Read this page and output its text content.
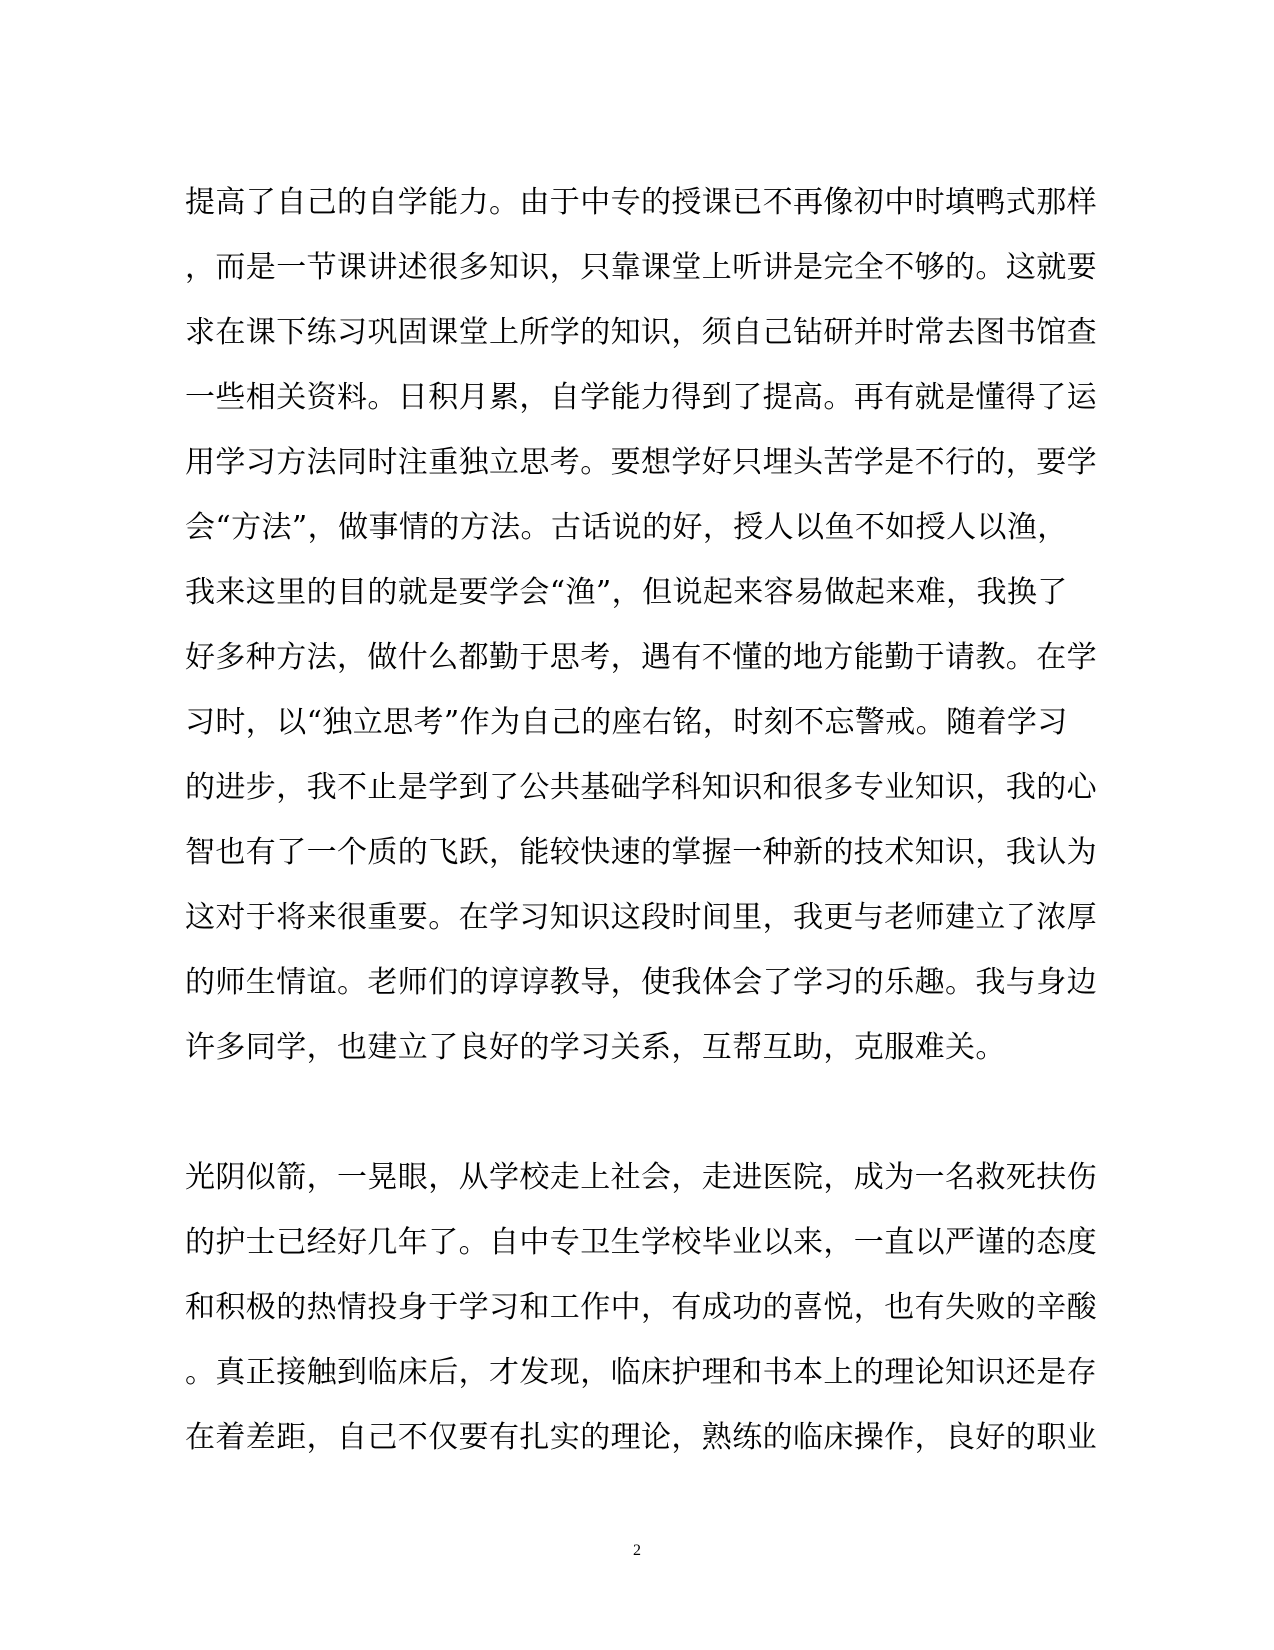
提高了自己的自学能力。由于中专的授课已不再像初中时填鸭式那样
，而是一节课讲述很多知识，只靠课堂上听讲是完全不够的。这就要
求在课下练习巩固课堂上所学的知识，须自己钻研并时常去图书馆查
一些相关资料。日积月累，自学能力得到了提高。再有就是懂得了运
用学习方法同时注重独立思考。要想学好只埋头苦学是不行的，要学
会“方法”，做事情的方法。古话说的好，授人以鱼不如授人以渔，
我来这里的目的就是要学会“渔”，但说起来容易做起来难，我换了
好多种方法，做什么都勤于思考，遇有不懂的地方能勤于请教。在学
习时，以“独立思考”作为自己的座右铭，时刻不忘警戒。随着学习
的进步，我不止是学到了公共基础学科知识和很多专业知识，我的心
智也有了一个质的飞跃，能较快速的掌握一种新的技术知识，我认为
这对于将来很重要。在学习知识这段时间里，我更与老师建立了浓厚
的师生情谊。老师们的谆谆教导，使我体会了学习的乐趣。我与身边
许多同学，也建立了良好的学习关系，互帮互助，克服难关。
光阴似箭，一晃眼，从学校走上社会，走进医院，成为一名救死扶伤
的护士已经好几年了。自中专卫生学校毕业以来，一直以严谨的态度
和积极的热情投身于学习和工作中，有成功的喜悦，也有失败的辛酸
。真正接触到临床后，才发现，临床护理和书本上的理论知识还是存
在着差距，自己不仅要有扎实的理论，熟练的临床操作，良好的职业
2
